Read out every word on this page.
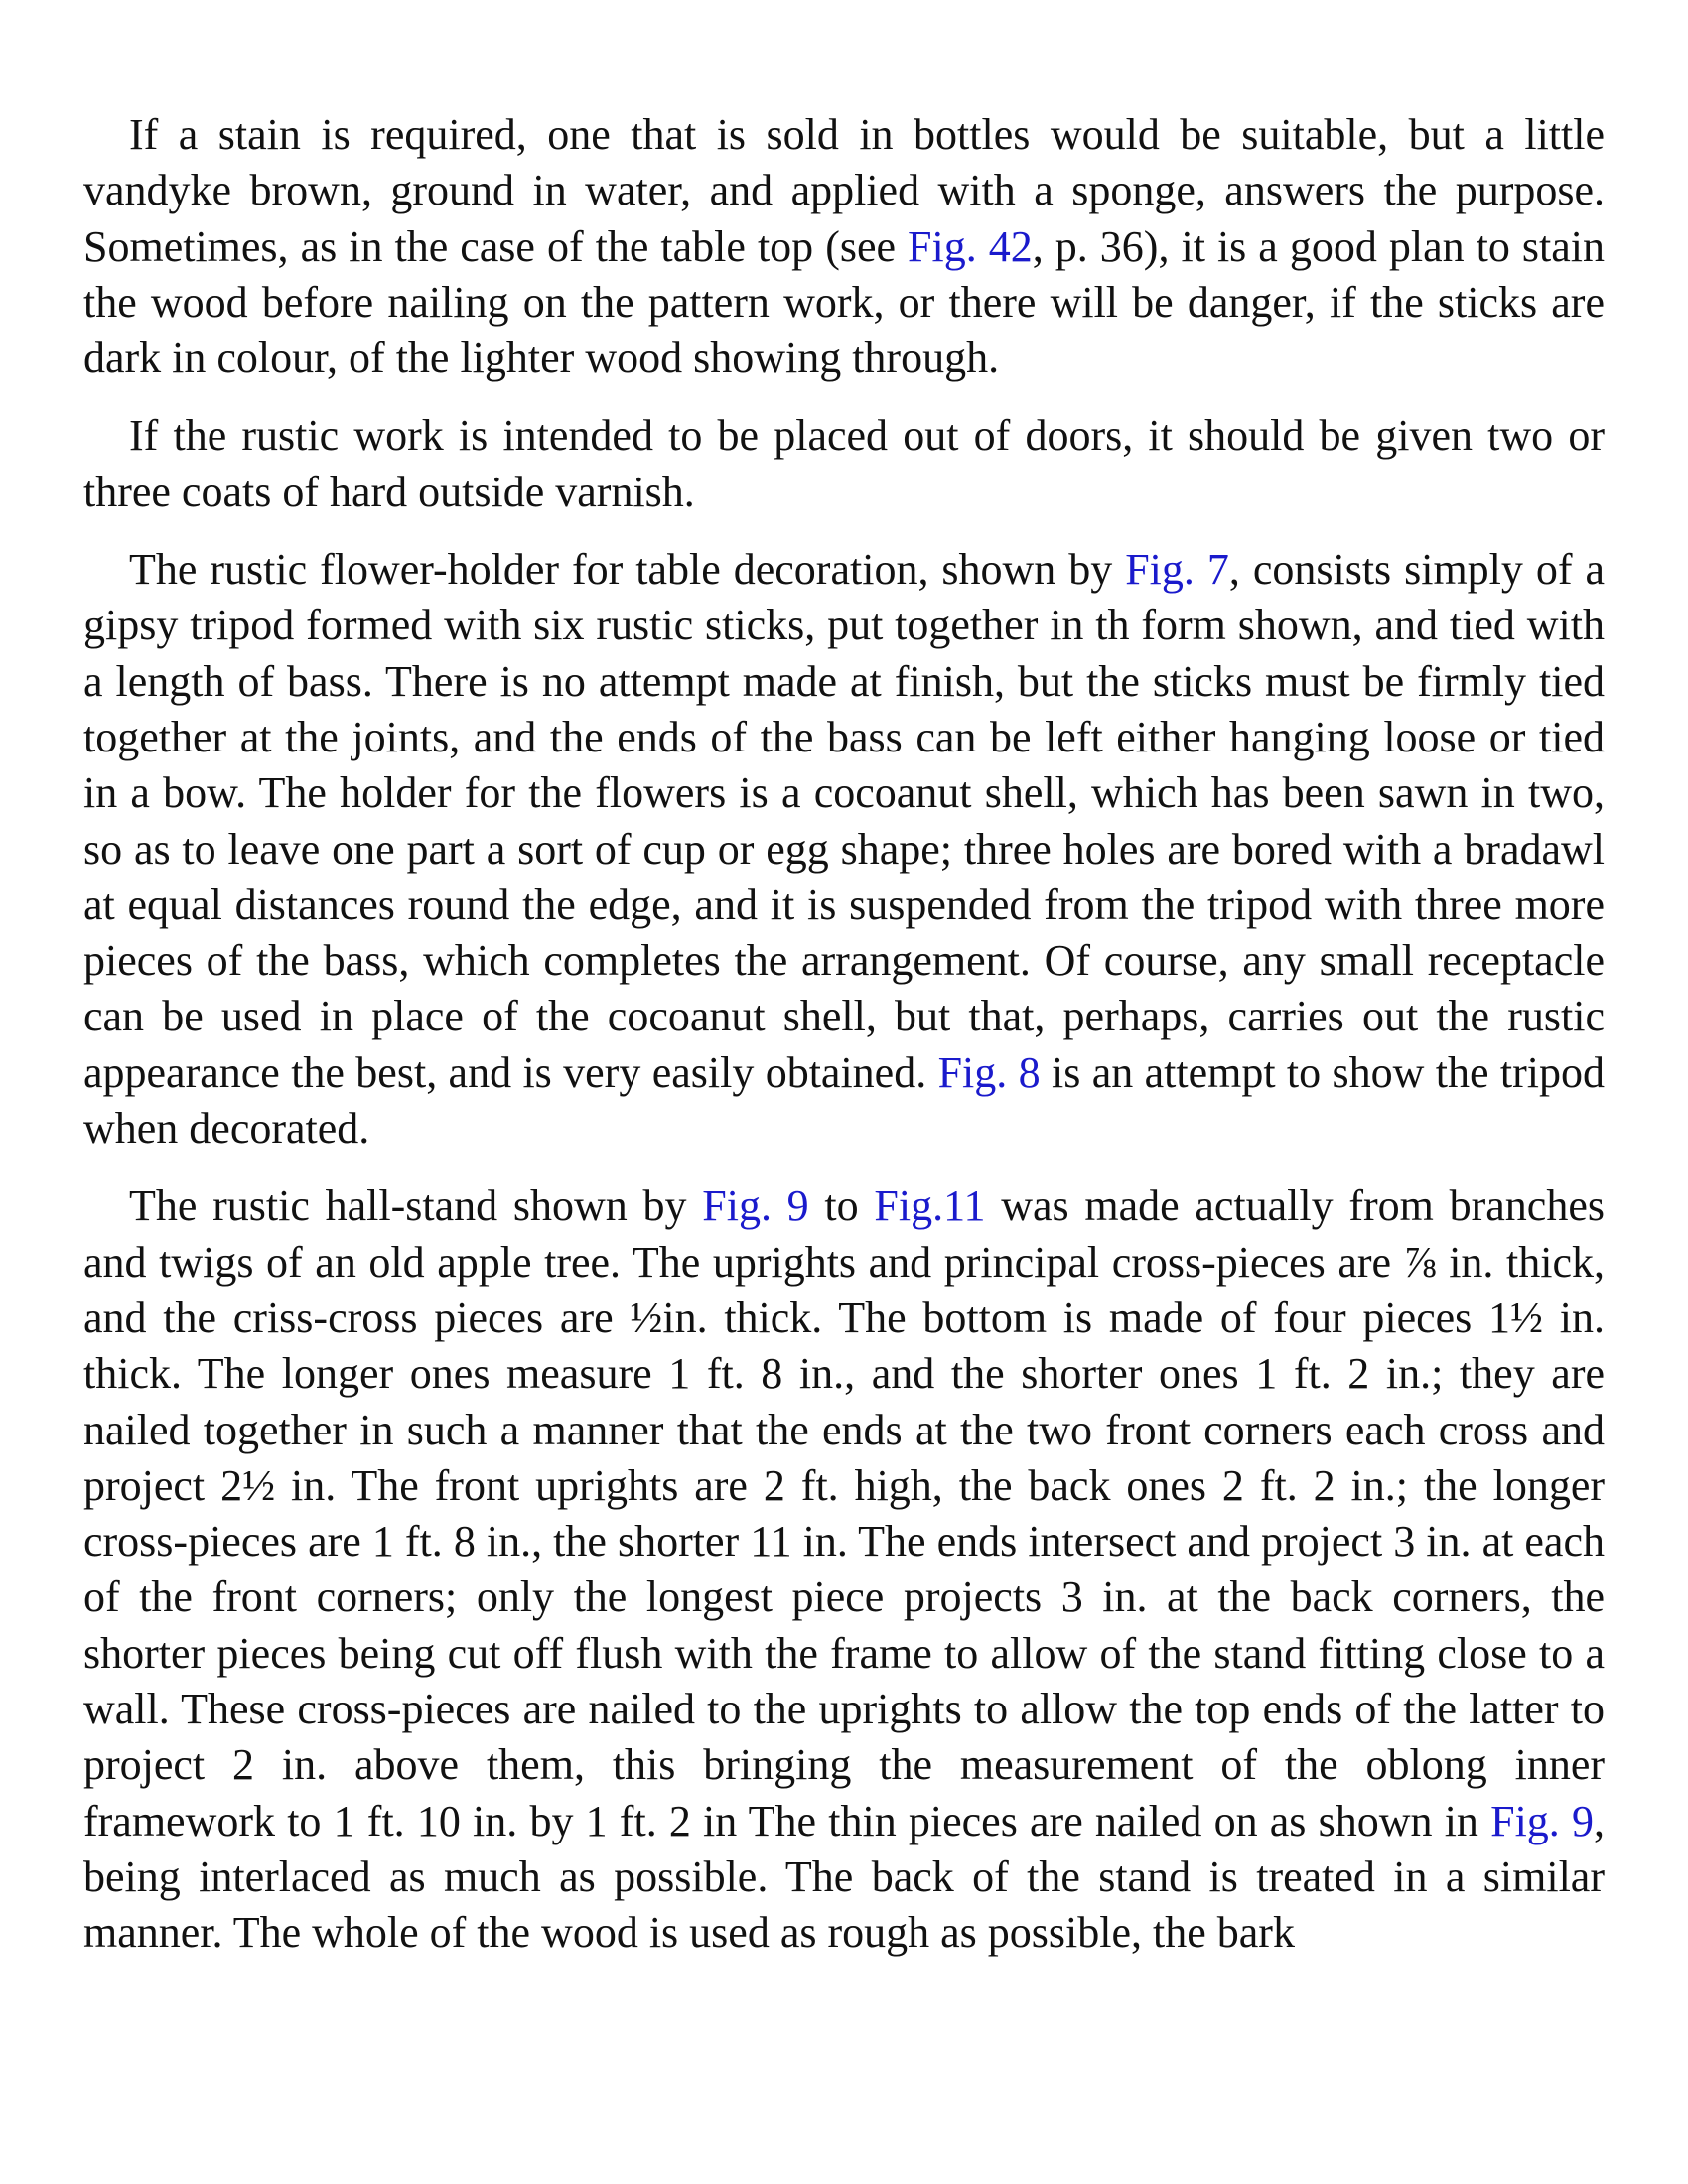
If a stain is required, one that is sold in bottles would be suitable, but a little vandyke brown, ground in water, and applied with a sponge, answers the purpose. Sometimes, as in the case of the table top (see Fig. 42, p. 36), it is a good plan to stain the wood before nailing on the pattern work, or there will be danger, if the sticks are dark in colour, of the lighter wood showing through.

If the rustic work is intended to be placed out of doors, it should be given two or three coats of hard outside varnish.

The rustic flower-holder for table decoration, shown by Fig. 7, consists simply of a gipsy tripod formed with six rustic sticks, put together in th form shown, and tied with a length of bass. There is no attempt made at finish, but the sticks must be firmly tied together at the joints, and the ends of the bass can be left either hanging loose or tied in a bow. The holder for the flowers is a cocoanut shell, which has been sawn in two, so as to leave one part a sort of cup or egg shape; three holes are bored with a bradawl at equal distances round the edge, and it is suspended from the tripod with three more pieces of the bass, which completes the arrangement. Of course, any small receptacle can be used in place of the cocoanut shell, but that, perhaps, carries out the rustic appearance the best, and is very easily obtained. Fig. 8 is an attempt to show the tripod when decorated.

The rustic hall-stand shown by Fig. 9 to Fig.11 was made actually from branches and twigs of an old apple tree. The uprights and principal cross-pieces are ⅞ in. thick, and the criss-cross pieces are ½in. thick. The bottom is made of four pieces 1½ in. thick. The longer ones measure 1 ft. 8 in., and the shorter ones 1 ft. 2 in.; they are nailed together in such a manner that the ends at the two front corners each cross and project 2½ in. The front uprights are 2 ft. high, the back ones 2 ft. 2 in.; the longer cross-pieces are 1 ft. 8 in., the shorter 11 in. The ends intersect and project 3 in. at each of the front corners; only the longest piece projects 3 in. at the back corners, the shorter pieces being cut off flush with the frame to allow of the stand fitting close to a wall. These cross-pieces are nailed to the uprights to allow the top ends of the latter to project 2 in. above them, this bringing the measurement of the oblong inner framework to 1 ft. 10 in. by 1 ft. 2 in The thin pieces are nailed on as shown in Fig. 9, being interlaced as much as possible. The back of the stand is treated in a similar manner. The whole of the wood is used as rough as possible, the bark
